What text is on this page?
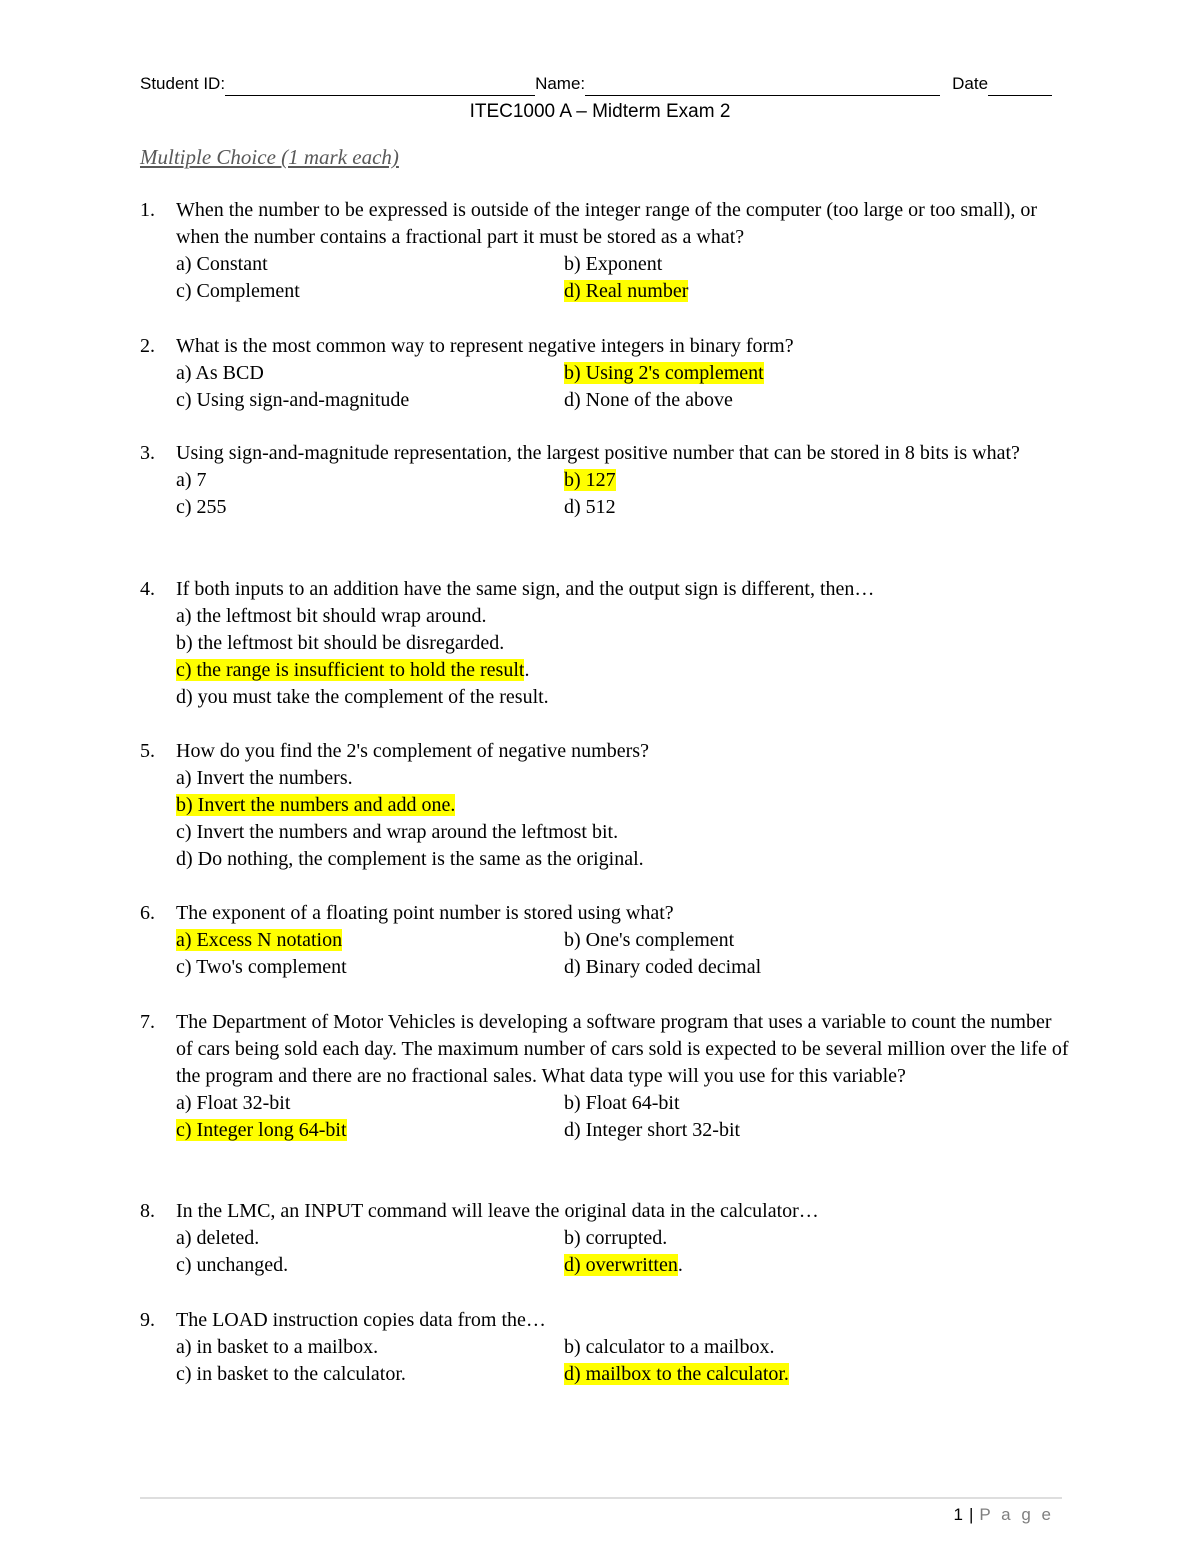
Student ID:	Name:	Date
ITEC1000 A – Midterm Exam 2
Multiple Choice (1 mark each)
1.	When the number to be expressed is outside of the integer range of the computer (too large or too small), or when the number contains a fractional part it must be stored as a what?
a) Constant	b) Exponent
c) Complement	d) Real number
2.	What is the most common way to represent negative integers in binary form?
a) As BCD	b) Using 2's complement
c) Using sign-and-magnitude	d) None of the above
3.	Using sign-and-magnitude representation, the largest positive number that can be stored in 8 bits is what?
a) 7	b) 127
c) 255	d) 512
4.	If both inputs to an addition have the same sign, and the output sign is different, then…
a) the leftmost bit should wrap around.
b) the leftmost bit should be disregarded.
c) the range is insufficient to hold the result.
d) you must take the complement of the result.
5.	How do you find the 2's complement of negative numbers?
a) Invert the numbers.
b) Invert the numbers and add one.
c) Invert the numbers and wrap around the leftmost bit.
d) Do nothing, the complement is the same as the original.
6.	The exponent of a floating point number is stored using what?
a) Excess N notation	b) One's complement
c) Two's complement	d) Binary coded decimal
7.	The Department of Motor Vehicles is developing a software program that uses a variable to count the number of cars being sold each day. The maximum number of cars sold is expected to be several million over the life of the program and there are no fractional sales. What data type will you use for this variable?
a) Float 32-bit	b) Float 64-bit
c) Integer long 64-bit	d) Integer short 32-bit
8.	In the LMC, an INPUT command will leave the original data in the calculator…
a) deleted.	b) corrupted.
c) unchanged.	d) overwritten.
9.	The LOAD instruction copies data from the…
a) in basket to a mailbox.	b) calculator to a mailbox.
c) in basket to the calculator.	d) mailbox to the calculator.
1 | P a g e
